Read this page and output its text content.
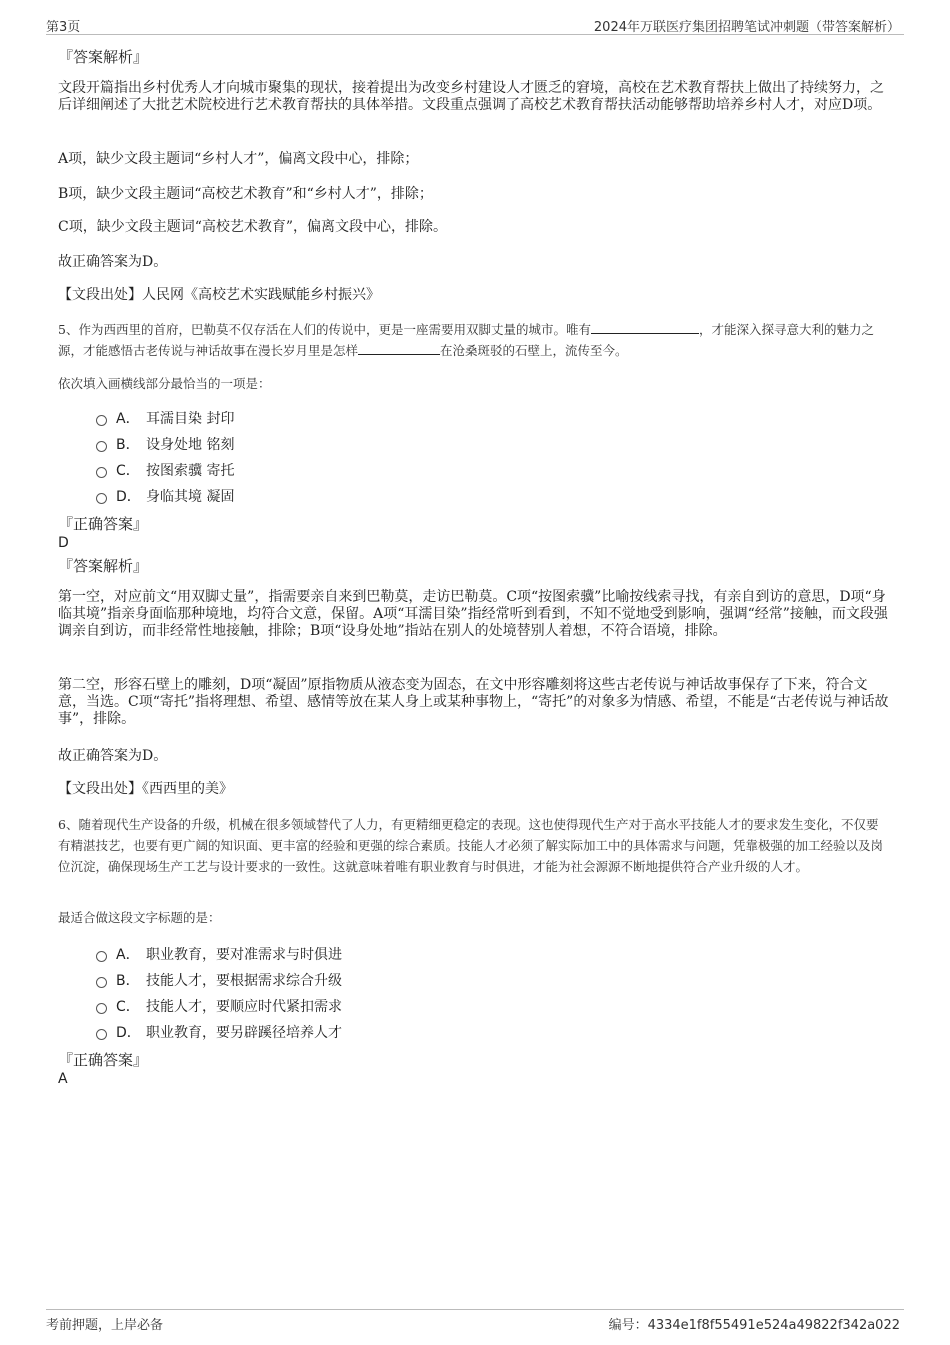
第3页	2024年万联医疗集团招聘笔试冲刺题（带答案解析）
『答案解析』
文段开篇指出乡村优秀人才向城市聚集的现状，接着提出为改变乡村建设人才匮乏的窘境，高校在艺术教育帮扶上做出了持续努力，之后详细阐述了大批艺术院校进行艺术教育帮扶的具体举措。文段重点强调了高校艺术教育帮扶活动能够帮助培养乡村人才，对应D项。
A项，缺少文段主题词“乡村人才”，偏离文段中心，排除；
B项，缺少文段主题词“高校艺术教育”和“乡村人才”，排除；
C项，缺少文段主题词“高校艺术教育”，偏离文段中心，排除。
故正确答案为D。
【文段出处】人民网《高校艺术实践赋能乡村振兴》
5、作为西西里的首府，巴勒莫不仅存活在人们的传说中，更是一座需要用双脚丈量的城市。唯有	，才能深入探寻意大利的魅力之源，才能感悟古老传说与神话故事在漫长岁月里是怎样	在沧桑斑驳的石壁上，流传至今。
依次填入画横线部分最恰当的一项是：
A． 耳濡目染 封印
B． 设身处地 铭刻
C． 按图索骥 寄托
D． 身临其境 凝固
『正确答案』
D
『答案解析』
第一空，对应前文“用双脚丈量”，指需要亲自来到巴勒莫，走访巴勒莫。C项“按图索骥”比喻按线索寻找，有亲自到访的意思，D项“身临其境”指亲身面临那种境地，均符合文意，保留。A项“耳濡目染”指经常听到看到，不知不觉地受到影响，强调“经常”接触，而文段强调亲自到访，而非经常性地接触，排除；B项“设身处地”指站在别人的处境替别人着想，不符合语境，排除。
第二空，形容石壁上的雕刻，D项“凝固”原指物质从液态变为固态，在文中形容雕刻将这些古老传说与神话故事保存了下来，符合文意，当选。C项“寄托”指将理想、希望、感情等放在某人身上或某种事物上，“寄托”的对象多为情感、希望，不能是“古老传说与神话故事”，排除。
故正确答案为D。
【文段出处】《西西里的美》
6、随着现代生产设备的升级，机械在很多领域替代了人力，有更精细更稳定的表现。这也使得现代生产对于高水平技能人才的要求发生变化，不仅要有精湛技艺，也要有更广阔的知识面、更丰富的经验和更强的综合素质。技能人才必须了解实际加工中的具体需求与问题，凭靠极强的加工经验以及岗位沉淀，确保现场生产工艺与设计要求的一致性。这就意味着唯有职业教育与时俱进，才能为社会源源不断地提供符合产业升级的人才。
最适合做这段文字标题的是：
A． 职业教育，要对准需求与时俱进
B． 技能人才，要根据需求综合升级
C． 技能人才，要顺应时代紧扣需求
D． 职业教育，要另辟蹊径培养人才
『正确答案』
A
考前押题，上岸必备	编号：4334e1f8f55491e524a49822f342a022
